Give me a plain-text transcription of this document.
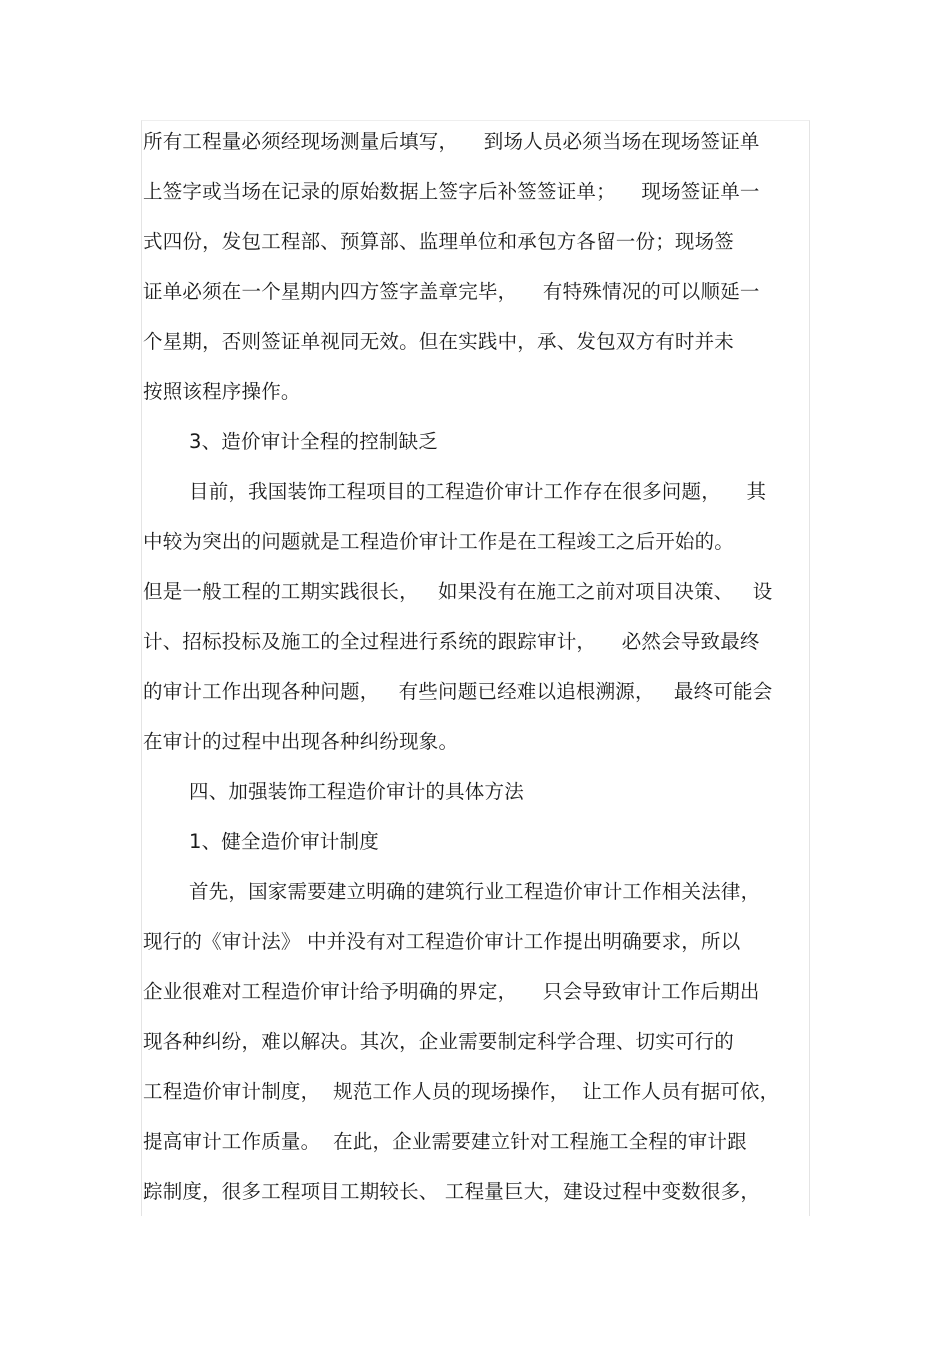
所有工程量必须经现场测量后填写，    到场人员必须当场在现场签证单
上签字或当场在记录的原始数据上签字后补签签证单；    现场签证单一
式四份，发包工程部、预算部、监理单位和承包方各留一份；现场签
证单必须在一个星期内四方签字盖章完毕，    有特殊情况的可以顺延一
个星期，否则签证单视同无效。但在实践中，承、发包双方有时并未
按照该程序操作。
3、造价审计全程的控制缺乏
目前，我国装饰工程项目的工程造价审计工作存在很多问题，    其
中较为突出的问题就是工程造价审计工作是在工程竣工之后开始的。
但是一般工程的工期实践很长，   如果没有在施工之前对项目决策、   设
计、招标投标及施工的全过程进行系统的跟踪审计，    必然会导致最终
的审计工作出现各种问题，   有些问题已经难以追根溯源，   最终可能会
在审计的过程中出现各种纠纷现象。
四、加强装饰工程造价审计的具体方法
1、健全造价审计制度
首先，国家需要建立明确的建筑行业工程造价审计工作相关法律，
现行的《审计法》 中并没有对工程造价审计工作提出明确要求，所以
企业很难对工程造价审计给予明确的界定，    只会导致审计工作后期出
现各种纠纷，难以解决。其次，企业需要制定科学合理、切实可行的
工程造价审计制度，  规范工作人员的现场操作，  让工作人员有据可依，
提高审计工作质量。  在此，企业需要建立针对工程施工全程的审计跟
踪制度，很多工程项目工期较长、 工程量巨大，建设过程中变数很多，
